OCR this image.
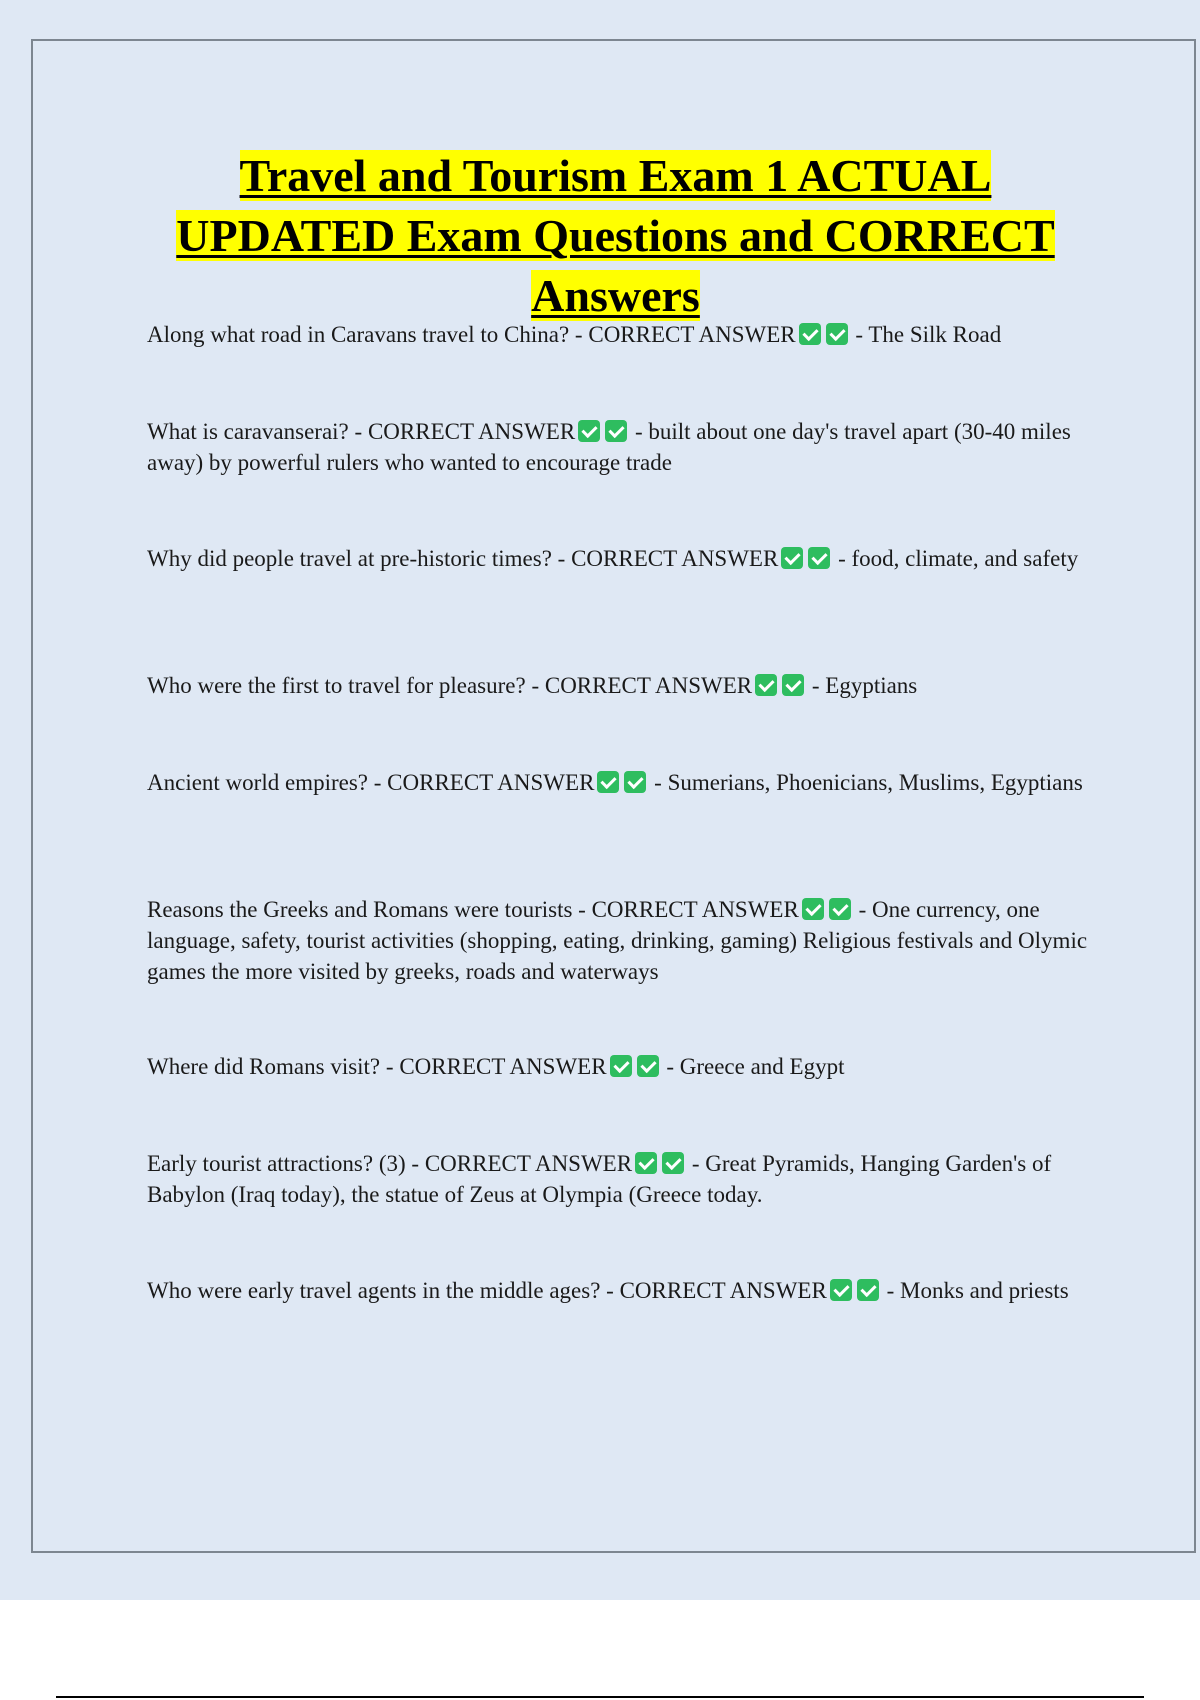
Travel and Tourism Exam 1 ACTUAL
UPDATED Exam Questions and CORRECT
Answers
Along what road in Caravans travel to China? - CORRECT ANSWER - The Silk Road
What is caravanserai? - CORRECT ANSWER - built about one day's travel apart (30-40 miles away) by powerful rulers who wanted to encourage trade
Why did people travel at pre-historic times? - CORRECT ANSWER - food, climate, and safety
Who were the first to travel for pleasure? - CORRECT ANSWER - Egyptians
Ancient world empires? - CORRECT ANSWER - Sumerians, Phoenicians, Muslims, Egyptians
Reasons the Greeks and Romans were tourists - CORRECT ANSWER - One currency, one language, safety, tourist activities (shopping, eating, drinking, gaming) Religious festivals and Olymic games the more visited by greeks, roads and waterways
Where did Romans visit? - CORRECT ANSWER - Greece and Egypt
Early tourist attractions? (3) - CORRECT ANSWER - Great Pyramids, Hanging Garden's of Babylon (Iraq today), the statue of Zeus at Olympia (Greece today.
Who were early travel agents in the middle ages? - CORRECT ANSWER - Monks and priests
